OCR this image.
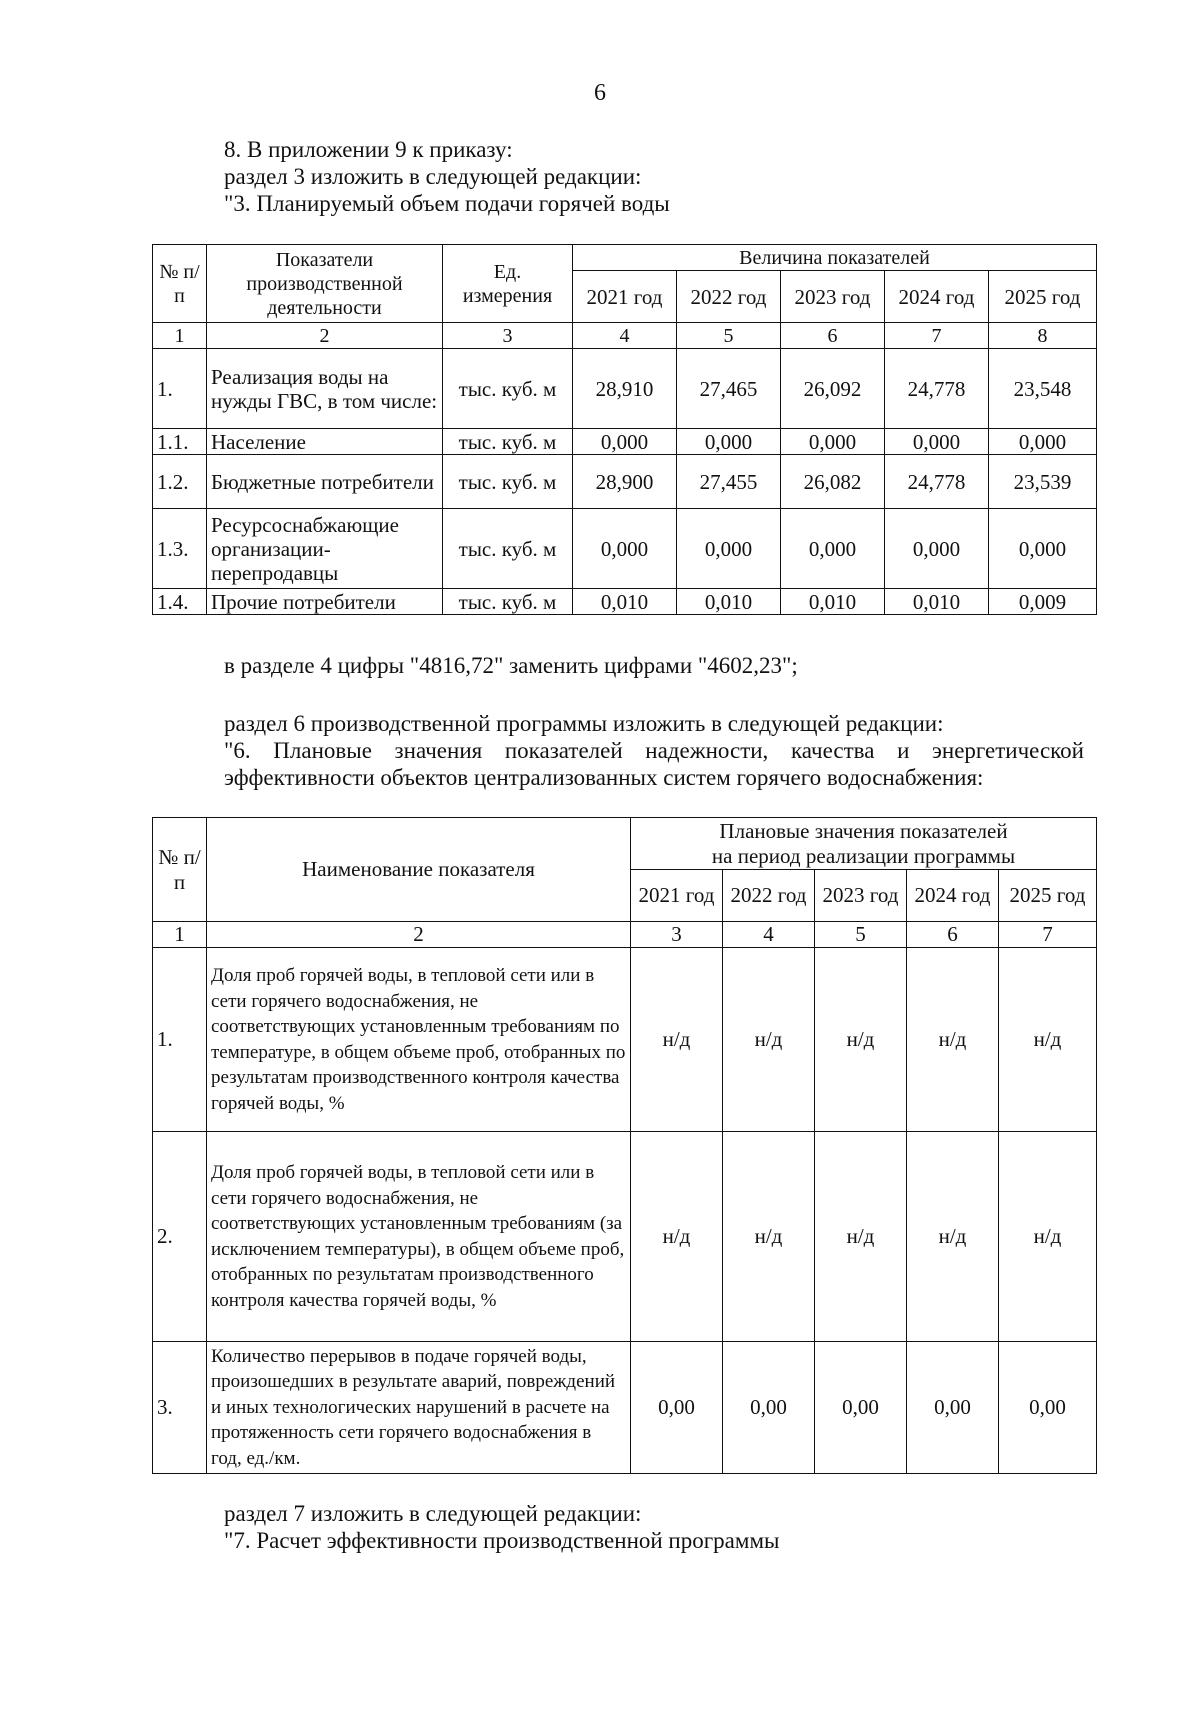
6

8. В приложении 9 к приказу:

раздел 3 изложить в следующей редакции:

"3. Планируемый объем подачи горячей воды

№ п/п	Показатели производственной деятельности	Ед. измерения	Величина показателей				
			2021 год	2022 год	2023 год	2024 год	2025 год
1	2	3	4	5	6	7	8
1.	Реализация воды на нужды ГВС, в том числе:	тыс. куб. м	28,910	27,465	26,092	24,778	23,548
1.1.	Население	тыс. куб. м	0,000	0,000	0,000	0,000	0,000
1.2.	Бюджетные потребители	тыс. куб. м	28,900	27,455	26,082	24,778	23,539
1.3.	Ресурсоснабжающие организации-перепродавцы	тыс. куб. м	0,000	0,000	0,000	0,000	0,000
1.4.	Прочие потребители	тыс. куб. м	0,010	0,010	0,010	0,010	0,009

в разделе 4 цифры "4816,72" заменить цифрами "4602,23";

раздел 6 производственной программы изложить в следующей редакции:

"6. Плановые значения показателей надежности, качества и энергетической

эффективности объектов централизованных систем горячего водоснабжения:

№ п/п	Наименование показателя	Плановые значения показателей
на период реализации программы				

		2021 год	2022 год	2023 год	2024 год	2025 год
1	2	3	4	5	6	7
1.	Доля проб горячей воды, в тепловой сети или в сети горячего водоснабжения, не соответствующих установленным требованиям по температуре, в общем объеме проб, отобранных по результатам производственного контроля качества горячей воды, %	н/д	н/д	н/д	н/д	н/д
2.	Доля проб горячей воды, в тепловой сети или в сети горячего водоснабжения, не соответствующих установленным требованиям (за исключением температуры), в общем объеме проб, отобранных по результатам производственного контроля качества горячей воды, %	н/д	н/д	н/д	н/д	н/д
3.	Количество перерывов в подаче горячей воды, произошедших в результате аварий, повреждений и иных технологических нарушений в расчете на протяженность сети горячего водоснабжения в год, ед./км.	0,00	0,00	0,00	0,00	0,00

раздел 7 изложить в следующей редакции:

"7. Расчет эффективности производственной программы
